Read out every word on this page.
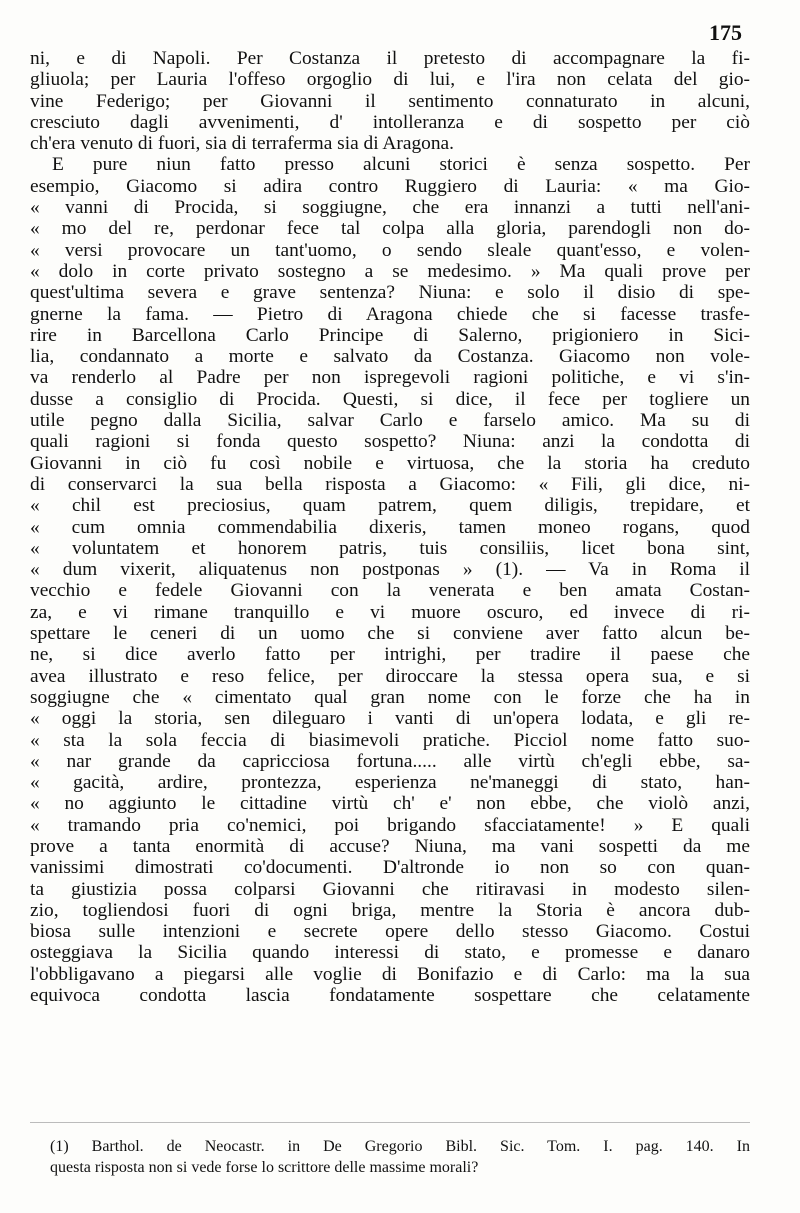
175
ni, e di Napoli. Per Costanza il pretesto di accompagnare la fi-
gliuola; per Lauria l'offeso orgoglio di lui, e l'ira non celata del gio-
vine Federigo; per Giovanni il sentimento connaturato in alcuni,
cresciuto dagli avvenimenti, d' intolleranza e di sospetto per ciò
ch'era venuto di fuori, sia di terraferma sia di Aragona.
E pure niun fatto presso alcuni storici è senza sospetto. Per
esempio, Giacomo si adira contro Ruggiero di Lauria: « ma Gio-
« vanni di Procida, si soggiugne, che era innanzi a tutti nell'ani-
« mo del re, perdonar fece tal colpa alla gloria, parendogli non do-
« versi provocare un tant'uomo, o sendo sleale quant'esso, e volen-
« dolo in corte privato sostegno a se medesimo. » Ma quali prove per
quest'ultima severa e grave sentenza? Niuna: e solo il disio di spe-
gnerne la fama. — Pietro di Aragona chiede che si facesse trasfe-
rire in Barcellona Carlo Principe di Salerno, prigioniero in Sici-
lia, condannato a morte e salvato da Costanza. Giacomo non vole-
va renderlo al Padre per non ispregevoli ragioni politiche, e vi s'in-
dusse a consiglio di Procida. Questi, si dice, il fece per togliere un
utile pegno dalla Sicilia, salvar Carlo e farselo amico. Ma su di
quali ragioni si fonda questo sospetto? Niuna: anzi la condotta di
Giovanni in ciò fu così nobile e virtuosa, che la storia ha creduto
di conservarci la sua bella risposta a Giacomo: « Fili, gli dice, ni-
« chil est preciosius, quam patrem, quem diligis, trepidare, et
« cum omnia commendabilia dixeris, tamen moneo rogans, quod
« voluntatem et honorem patris, tuis consiliis, licet bona sint,
« dum vixerit, aliquatenus non postponas » (1). — Va in Roma il
vecchio e fedele Giovanni con la venerata e ben amata Costan-
za, e vi rimane tranquillo e vi muore oscuro, ed invece di ri-
spettare le ceneri di un uomo che si conviene aver fatto alcun be-
ne, si dice averlo fatto per intrighi, per tradire il paese che
avea illustrato e reso felice, per diroccare la stessa opera sua, e si
soggiugne che « cimentato qual gran nome con le forze che ha in
« oggi la storia, sen dileguaro i vanti di un'opera lodata, e gli re-
« sta la sola feccia di biasimevoli pratiche. Picciol nome fatto suo-
« nar grande da capricciosa fortuna..... alle virtù ch'egli ebbe, sa-
« gacità, ardire, prontezza, esperienza ne'maneggi di stato, han-
« no aggiunto le cittadine virtù ch' e' non ebbe, che violò anzi,
« tramando pria co'nemici, poi brigando sfacciatamente! » E quali
prove a tanta enormità di accuse? Niuna, ma vani sospetti da me
vanissimi dimostrati co'documenti. D'altronde io non so con quan-
ta giustizia possa colparsi Giovanni che ritiravasi in modesto silen-
zio, togliendosi fuori di ogni briga, mentre la Storia è ancora dub-
biosa sulle intenzioni e secrete opere dello stesso Giacomo. Costui
osteggiava la Sicilia quando interessi di stato, e promesse e danaro
l'obbligavano a piegarsi alle voglie di Bonifazio e di Carlo: ma la sua
equivoca condotta lascia fondatamente sospettare che celatamente
(1) Barthol. de Neocastr. in De Gregorio Bibl. Sic. Tom. I. pag. 140. In
questa risposta non si vede forse lo scrittore delle massime morali?
